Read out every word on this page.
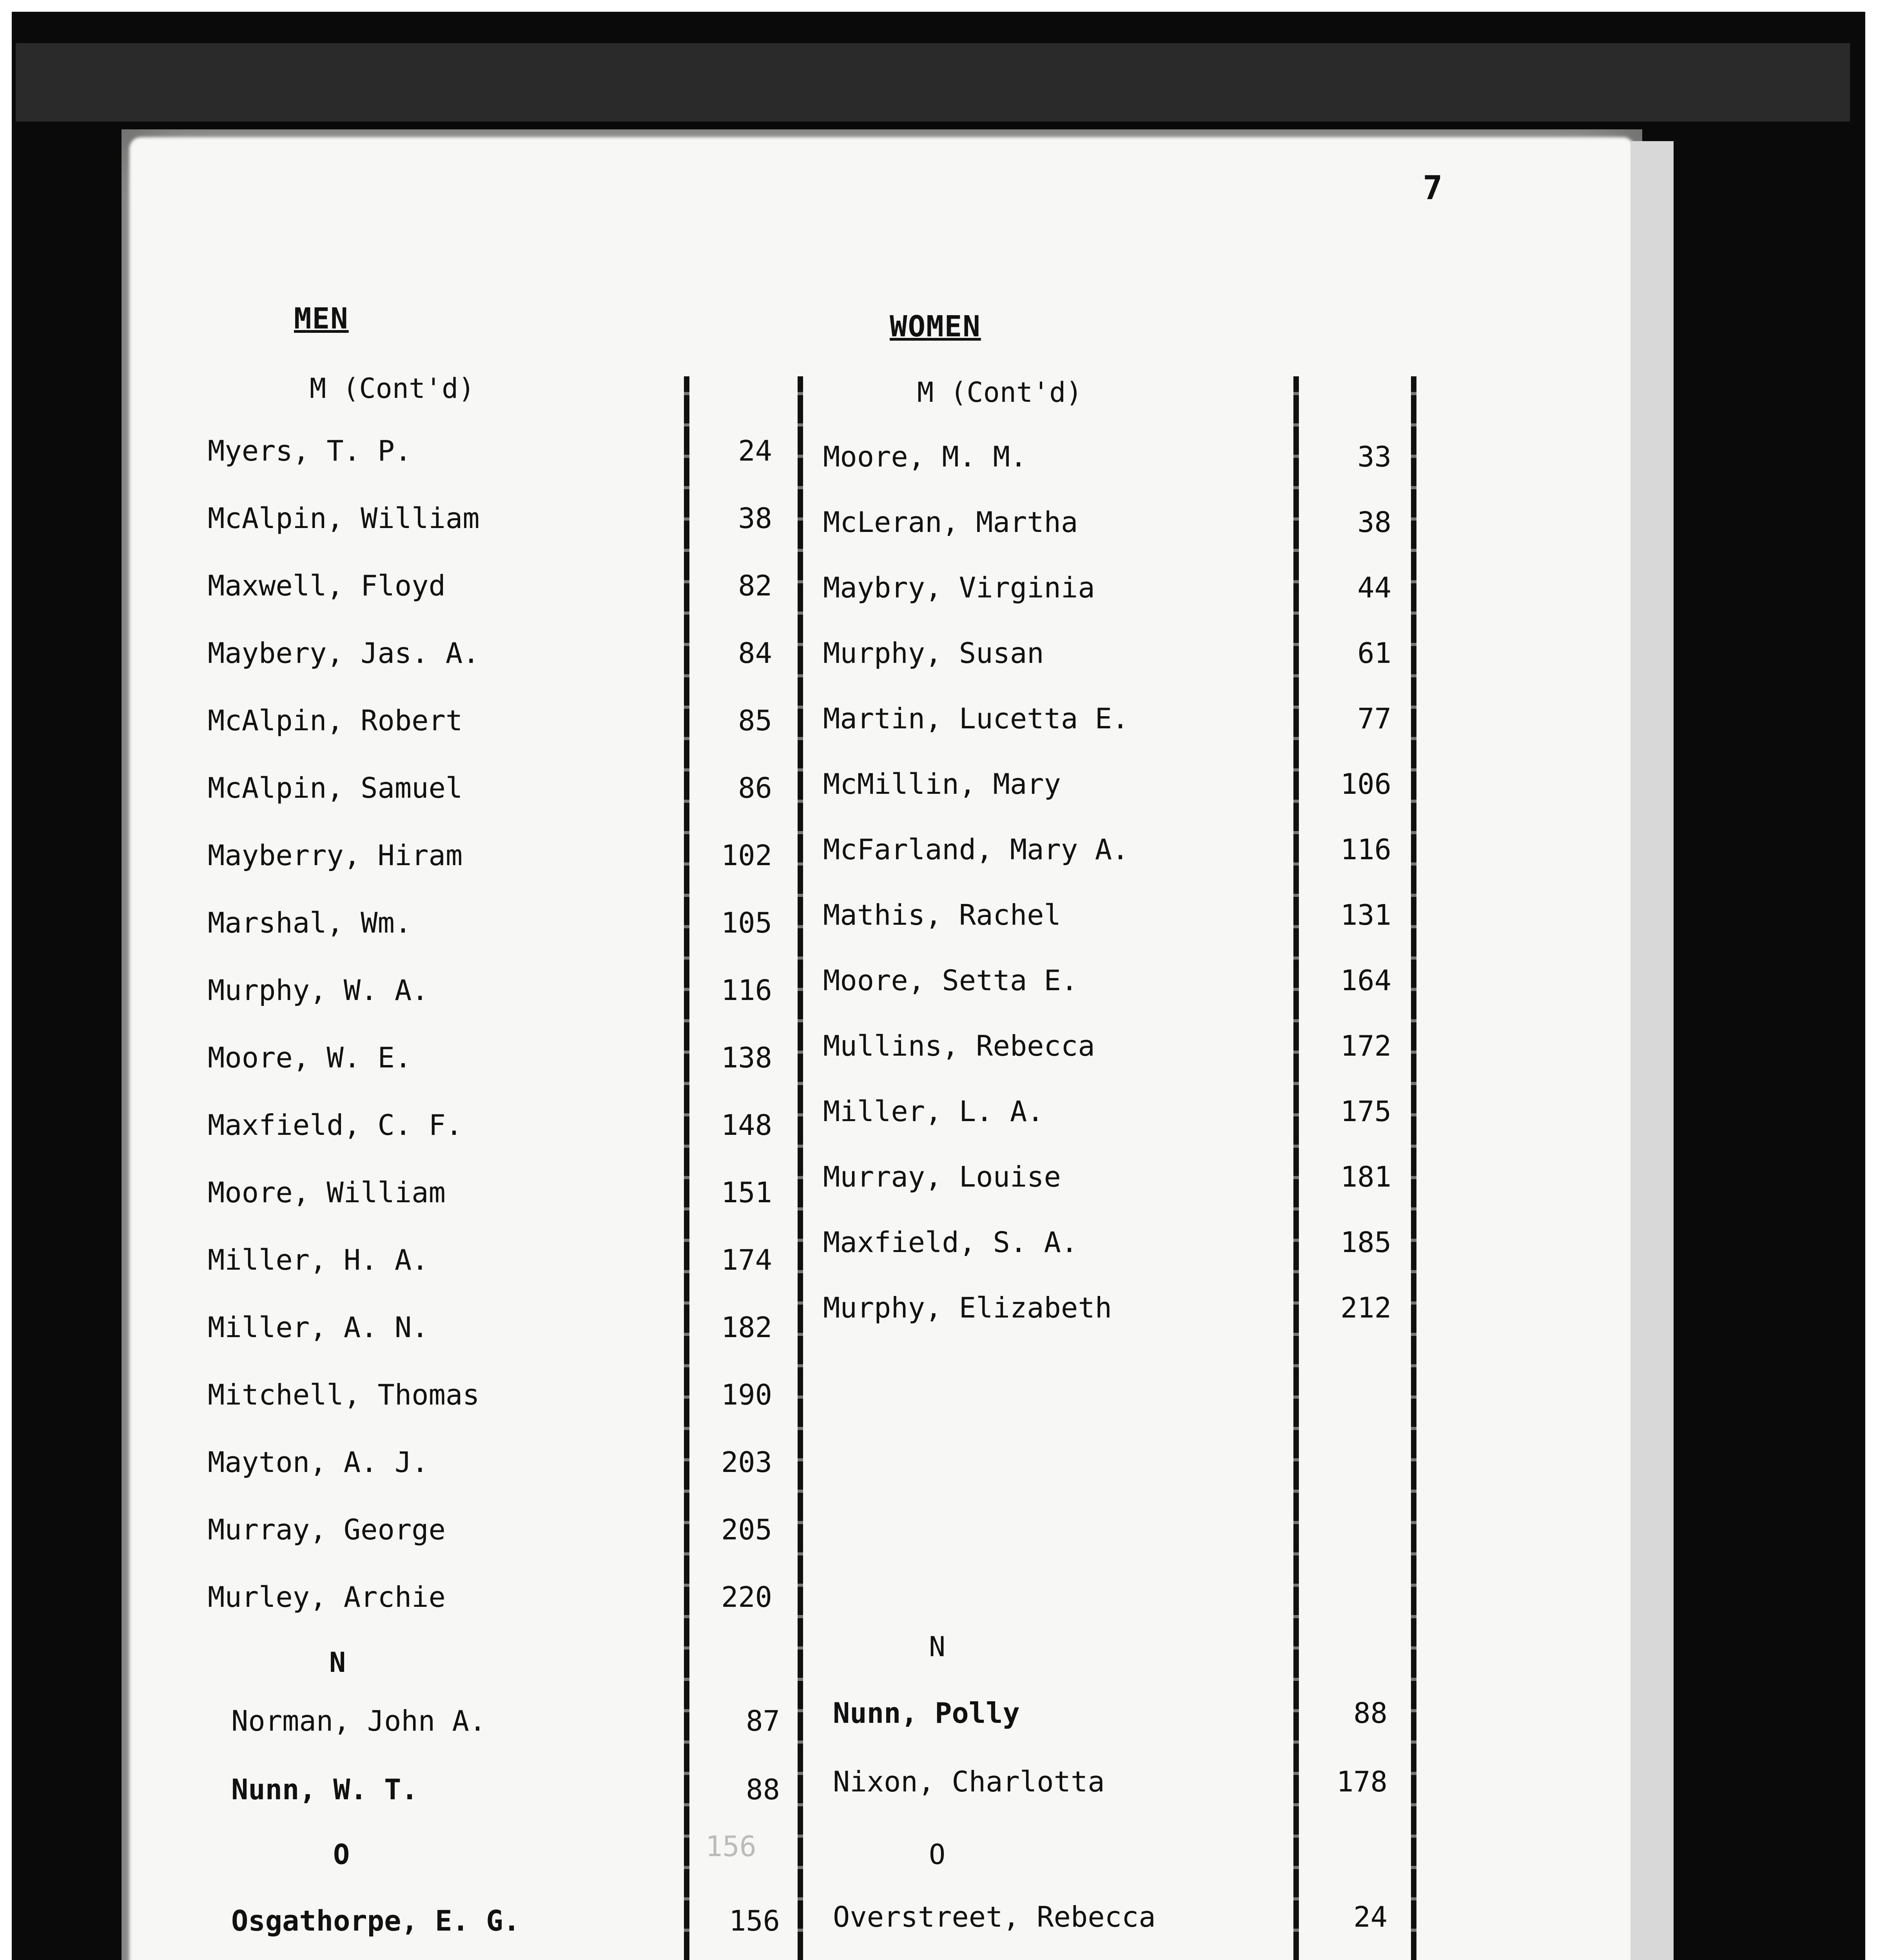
7
MEN	WOMEN
M (Cont'd)	M (Cont'd)
Myers, T. P.	24
McAlpin, William	38
Maxwell, Floyd	82
Maybery, Jas. A.	84
McAlpin, Robert	85
McAlpin, Samuel	86
Mayberry, Hiram	102
Marshal, Wm.	105
Murphy, W. A.	116
Moore, W. E.	138
Maxfield, C. F.	148
Moore, William	151
Miller, H. A.	174
Miller, A. N.	182
Mitchell, Thomas	190
Mayton, A. J.	203
Murray, George	205
Murley, Archie	220
Moore, M. M.	33
McLeran, Martha	38
Maybry, Virginia	44
Murphy, Susan	61
Martin, Lucetta E.	77
McMillin, Mary	106
McFarland, Mary A.	116
Mathis, Rachel	131
Moore, Setta E.	164
Mullins, Rebecca	172
Miller, L. A.	175
Murray, Louise	181
Maxfield, S. A.	185
Murphy, Elizabeth	212
N
Norman, John A.	87
Nunn, W. T.	88
156
O
Osgathorpe, E. G.	156
N
Nunn, Polly	88
Nixon, Charlotta	178
O
Overstreet, Rebecca	24
